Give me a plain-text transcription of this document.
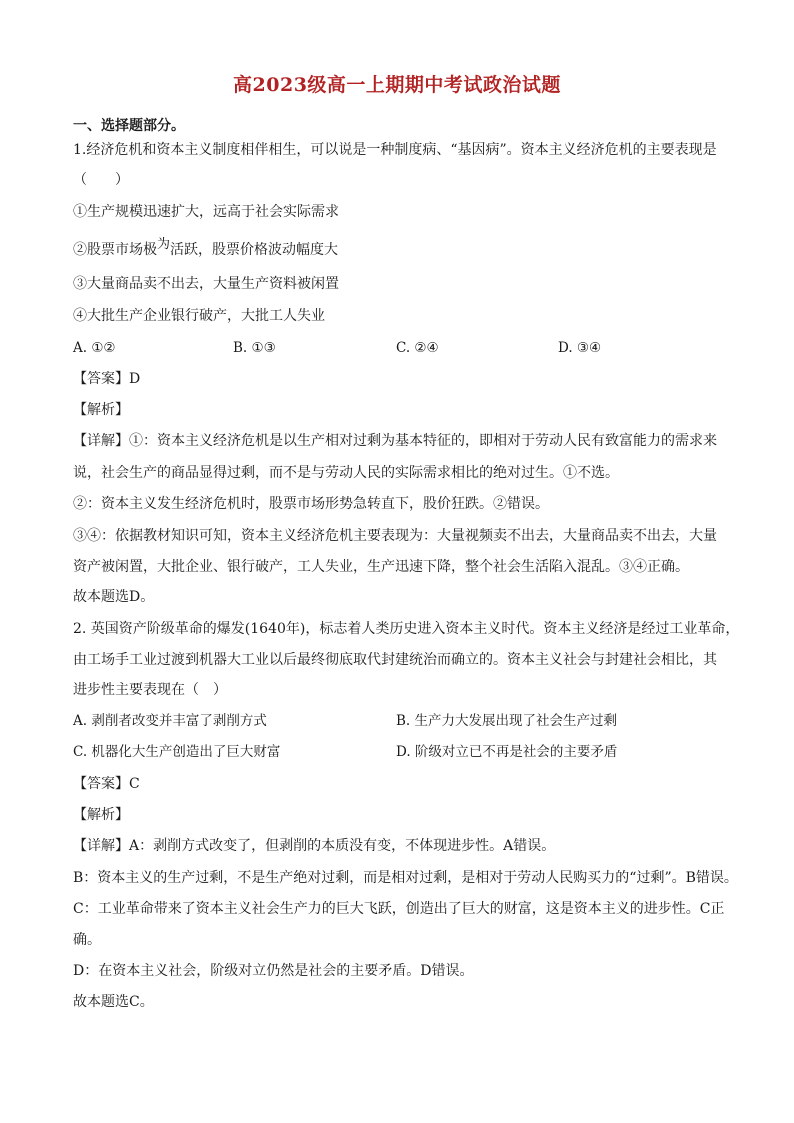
高2023级高一上期期中考试政治试题
一、选择题部分。
1.经济危机和资本主义制度相伴相生，可以说是一种制度病、“基因病”。资本主义经济危机的主要表现是
（　　）
①生产规模迅速扩大，远高于社会实际需求
②股票市场极为活跃，股票价格波动幅度大
③大量商品卖不出去，大量生产资料被闲置
④大批生产企业银行破产，大批工人失业
A. ①②	B. ①③	C. ②④	D. ③④
【答案】D
【解析】
【详解】①：资本主义经济危机是以生产相对过剩为基本特征的，即相对于劳动人民有致富能力的需求来
说，社会生产的商品显得过剩，而不是与劳动人民的实际需求相比的绝对过生。①不选。
②：资本主义发生经济危机时，股票市场形势急转直下，股价狂跌。②错误。
③④：依据教材知识可知，资本主义经济危机主要表现为：大量视频卖不出去，大量商品卖不出去，大量
资产被闲置，大批企业、银行破产，工人失业，生产迅速下降，整个社会生活陷入混乱。③④正确。
故本题选D。
2. 英国资产阶级革命的爆发(1640年)，标志着人类历史进入资本主义时代。资本主义经济是经过工业革命，
由工场手工业过渡到机器大工业以后最终彻底取代封建统治而确立的。资本主义社会与封建社会相比，其
进步性主要表现在（　）
A. 剥削者改变并丰富了剥削方式	B. 生产力大发展出现了社会生产过剩
C. 机器化大生产创造出了巨大财富	D. 阶级对立已不再是社会的主要矛盾
【答案】C
【解析】
【详解】A：剥削方式改变了，但剥削的本质没有变，不体现进步性。A错误。
B：资本主义的生产过剩，不是生产绝对过剩，而是相对过剩，是相对于劳动人民购买力的“过剩”。B错误。
C：工业革命带来了资本主义社会生产力的巨大飞跃，创造出了巨大的财富，这是资本主义的进步性。C正
确。
D：在资本主义社会，阶级对立仍然是社会的主要矛盾。D错误。
故本题选C。
